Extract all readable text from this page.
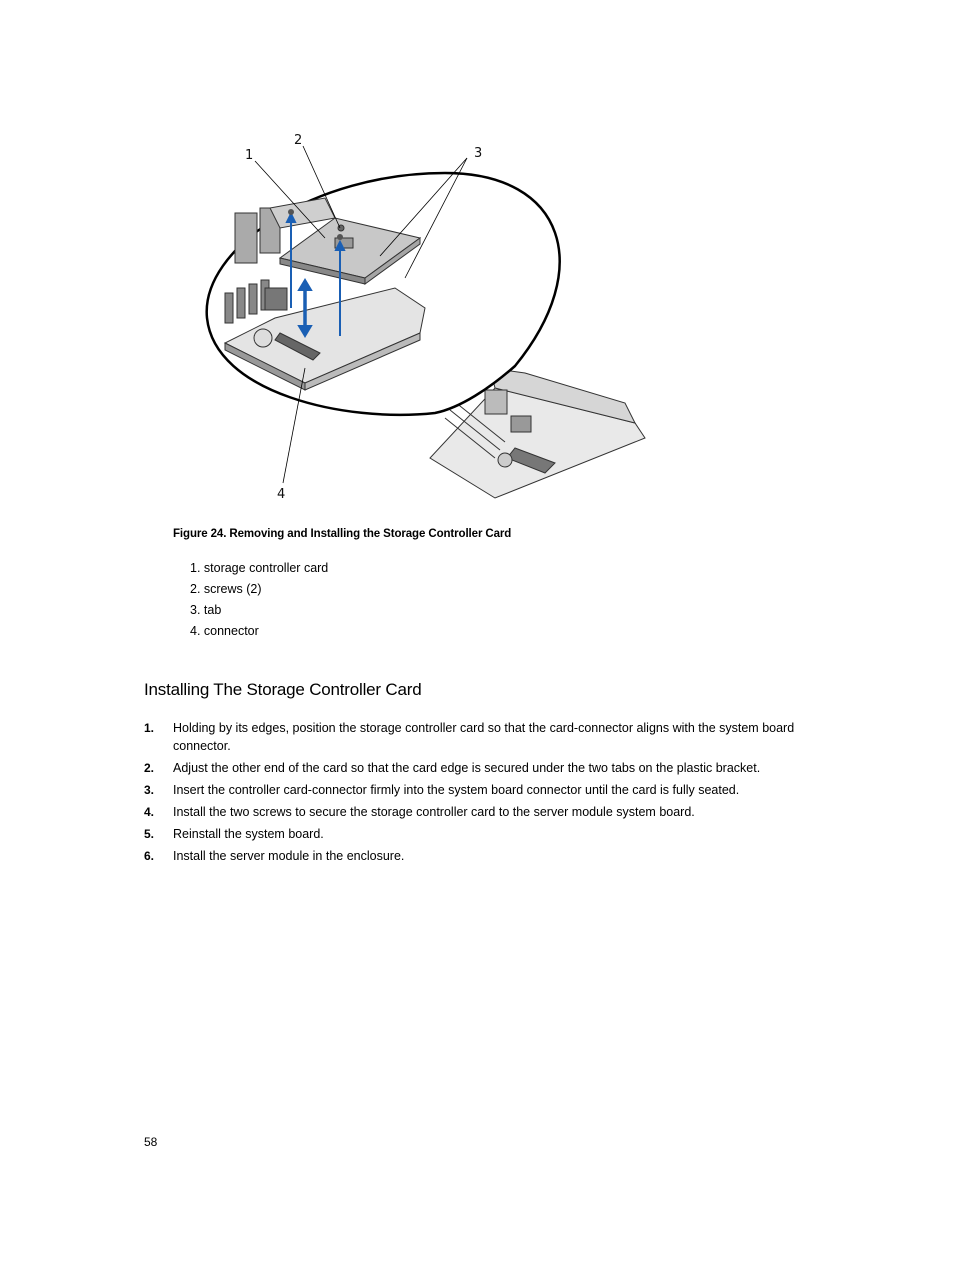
1
2
3
4
Figure 24. Removing and Installing the Storage Controller Card
1. storage controller card
2. screws (2)
3. tab
4. connector
Installing The Storage Controller Card
1. Holding by its edges, position the storage controller card so that the card-connector aligns with the system board connector.
2. Adjust the other end of the card so that the card edge is secured under the two tabs on the plastic bracket.
3. Insert the controller card-connector firmly into the system board connector until the card is fully seated.
4. Install the two screws to secure the storage controller card to the server module system board.
5. Reinstall the system board.
6. Install the server module in the enclosure.
58
